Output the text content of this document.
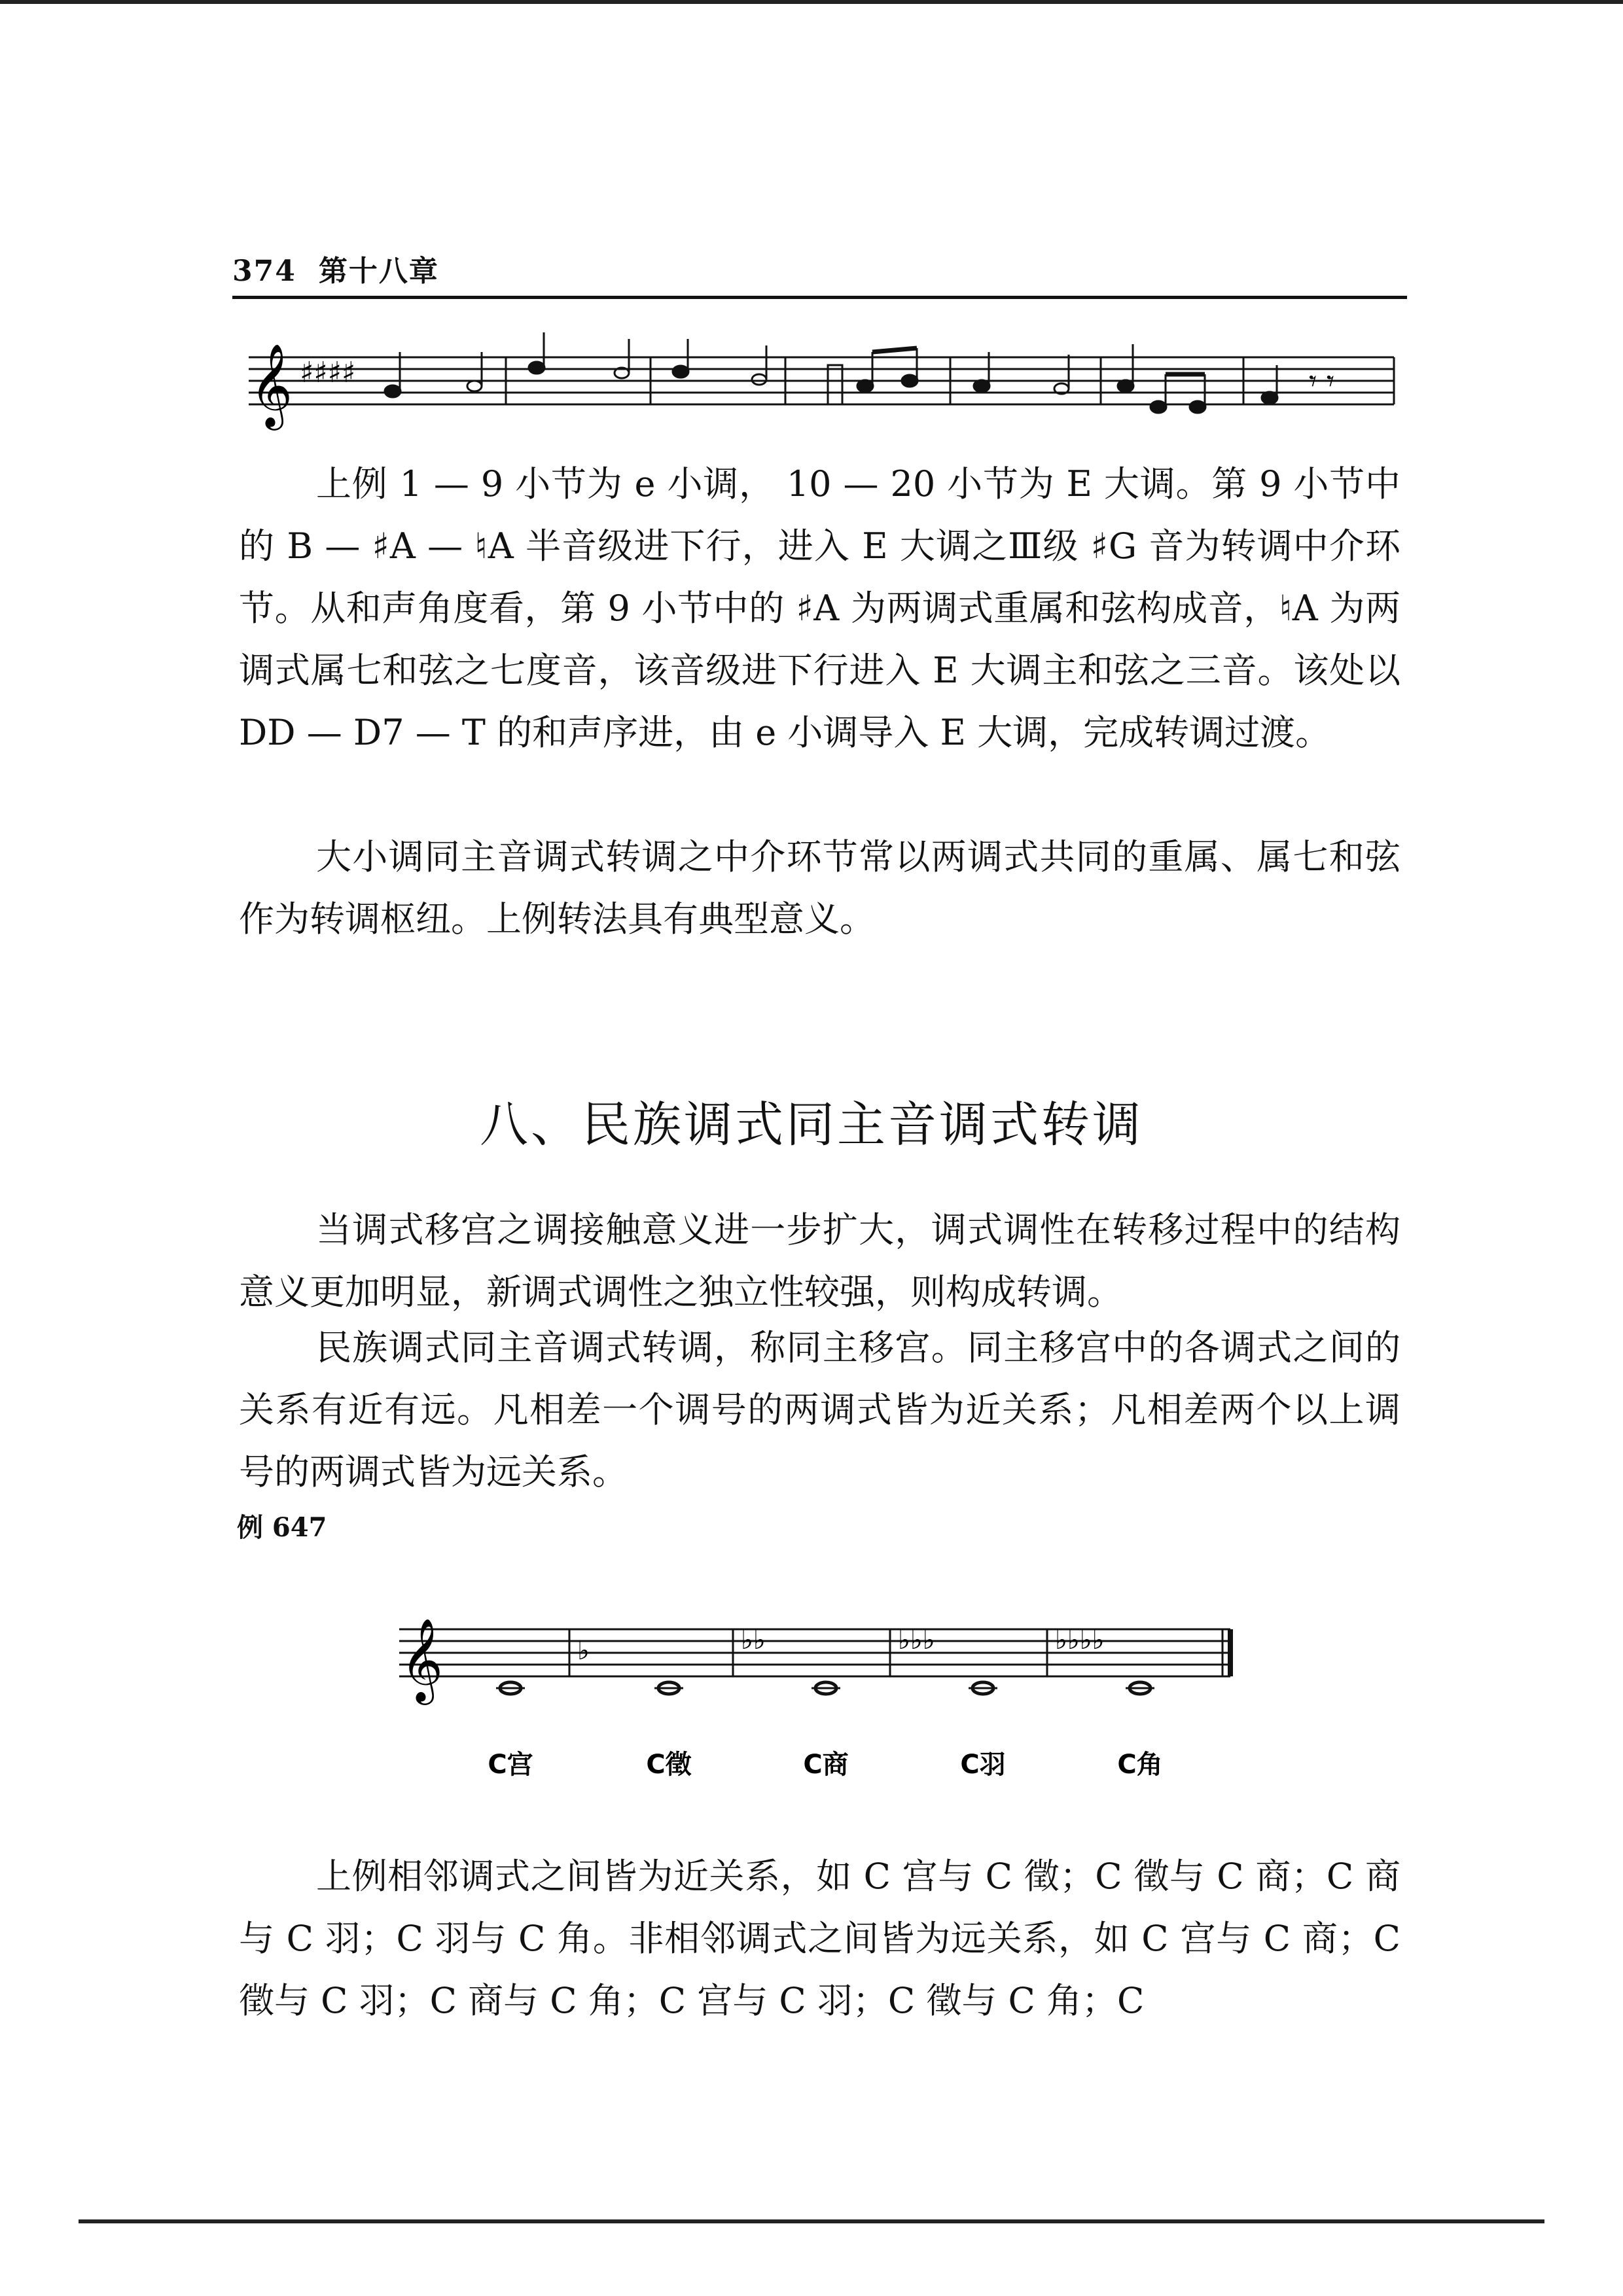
374 第十八章
𝄞 ♯♯♯♯	𝄾 𝄾

上例 1 — 9 小节为 e 小调， 10 — 20 小节为 E 大调。第 9 小节中的 B — ♯A — ♮A 半音级进下行，进入 E 大调之Ⅲ级 ♯G 音为转调中介环节。从和声角度看，第 9 小节中的 ♯A 为两调式重属和弦构成音，♮A 为两调式属七和弦之七度音，该音级进下行进入 E 大调主和弦之三音。该处以 DD — D7 — T 的和声序进，由 e 小调导入 E 大调，完成转调过渡。

大小调同主音调式转调之中介环节常以两调式共同的重属、属七和弦作为转调枢纽。上例转法具有典型意义。

八、民族调式同主音调式转调

当调式移宫之调接触意义进一步扩大，调式调性在转移过程中的结构意义更加明显，新调式调性之独立性较强，则构成转调。

民族调式同主音调式转调，称同主移宫。同主移宫中的各调式之间的关系有近有远。凡相差一个调号的两调式皆为近关系；凡相差两个以上调号的两调式皆为远关系。

例 647
𝄞	♭	♭♭	♭♭♭	♭♭♭♭
C宫	C徵	C商	C羽	C角

上例相邻调式之间皆为近关系，如 C 宫与 C 徵；C 徵与 C 商；C 商与 C 羽；C 羽与 C 角。非相邻调式之间皆为远关系，如 C 宫与 C 商；C 徵与 C 羽；C 商与 C 角；C 宫与 C 羽；C 徵与 C 角；C
